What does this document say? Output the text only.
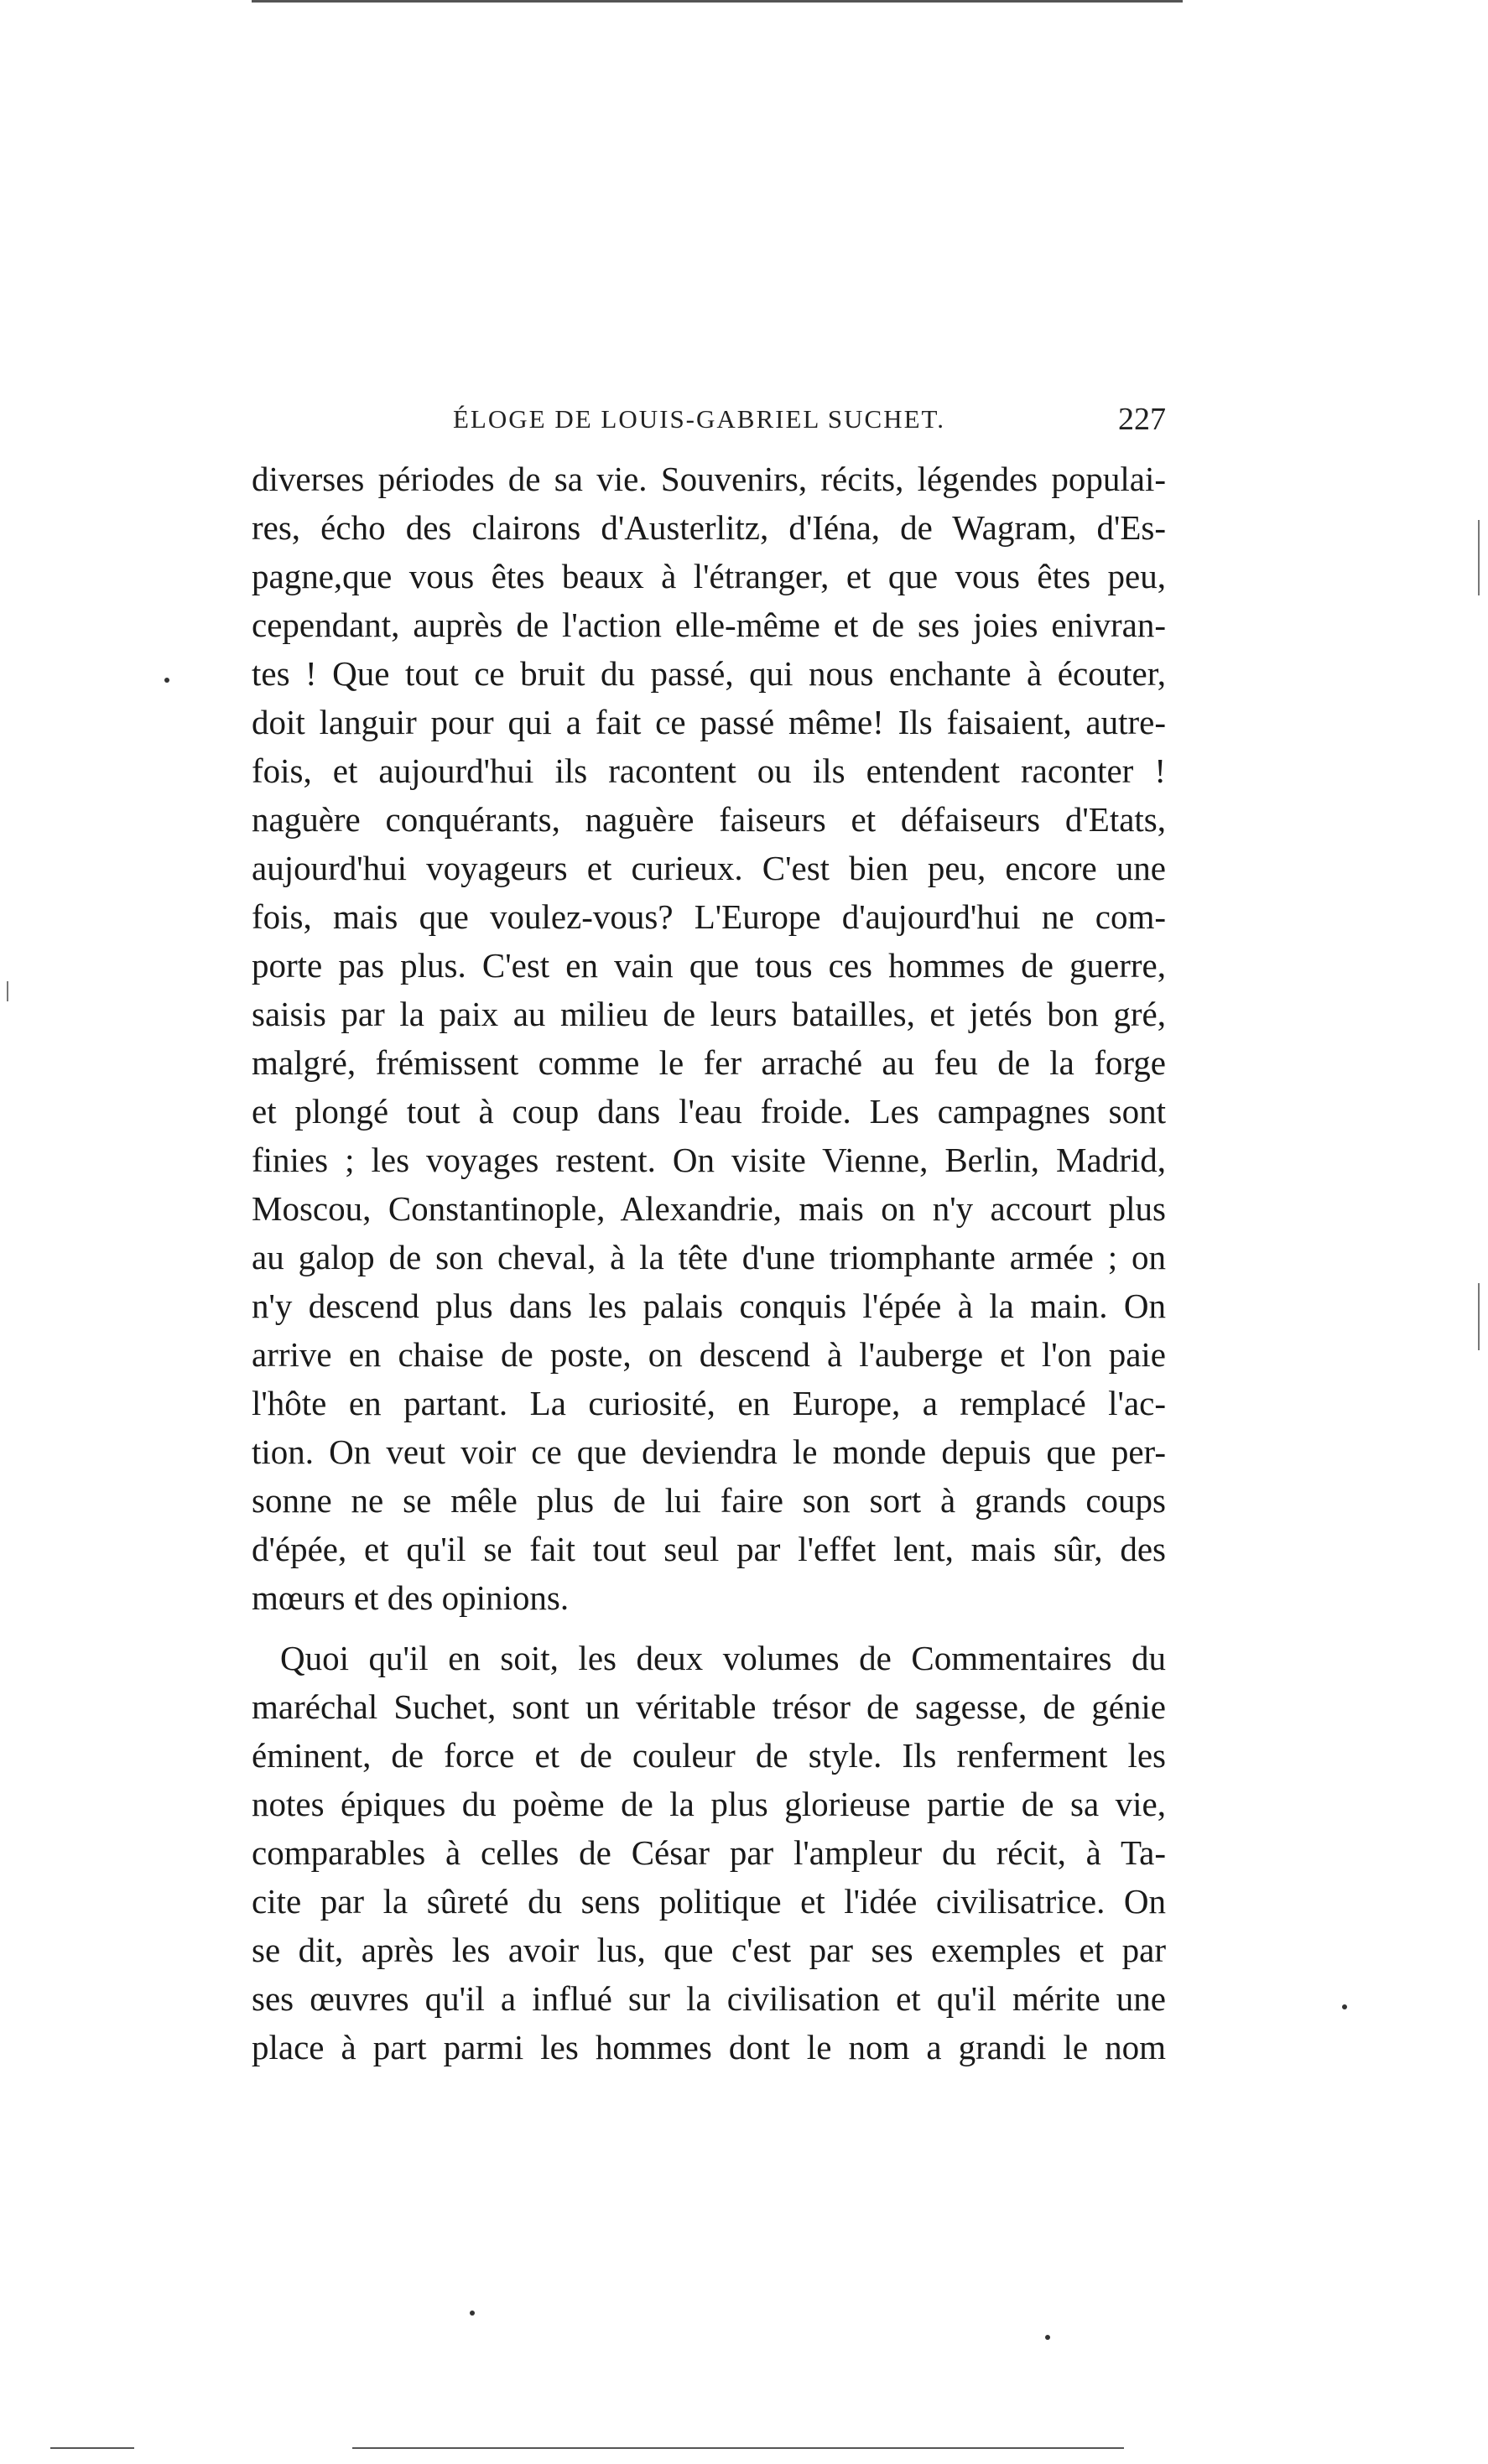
ÉLOGE DE LOUIS-GABRIEL SUCHET.	227
diverses périodes de sa vie. Souvenirs, récits, légendes populai-
res, écho des clairons d'Austerlitz, d'Iéna, de Wagram, d'Es-
pagne,que vous êtes beaux à l'étranger, et que vous êtes peu,
cependant, auprès de l'action elle-même et de ses joies enivran-
tes ! Que tout ce bruit du passé, qui nous enchante à écouter,
doit languir pour qui a fait ce passé même! Ils faisaient, autre-
fois, et aujourd'hui ils racontent ou ils entendent raconter !
naguère conquérants, naguère faiseurs et défaiseurs d'Etats,
aujourd'hui voyageurs et curieux. C'est bien peu, encore une
fois, mais que voulez-vous? L'Europe d'aujourd'hui ne com-
porte pas plus. C'est en vain que tous ces hommes de guerre,
saisis par la paix au milieu de leurs batailles, et jetés bon gré,
malgré, frémissent comme le fer arraché au feu de la forge
et plongé tout à coup dans l'eau froide. Les campagnes sont
finies ; les voyages restent. On visite Vienne, Berlin, Madrid,
Moscou, Constantinople, Alexandrie, mais on n'y accourt plus
au galop de son cheval, à la tête d'une triomphante armée ; on
n'y descend plus dans les palais conquis l'épée à la main. On
arrive en chaise de poste, on descend à l'auberge et l'on paie
l'hôte en partant. La curiosité, en Europe, a remplacé l'ac-
tion. On veut voir ce que deviendra le monde depuis que per-
sonne ne se mêle plus de lui faire son sort à grands coups
d'épée, et qu'il se fait tout seul par l'effet lent, mais sûr, des
mœurs et des opinions.
Quoi qu'il en soit, les deux volumes de Commentaires du
maréchal Suchet, sont un véritable trésor de sagesse, de génie
éminent, de force et de couleur de style. Ils renferment les
notes épiques du poème de la plus glorieuse partie de sa vie,
comparables à celles de César par l'ampleur du récit, à Ta-
cite par la sûreté du sens politique et l'idée civilisatrice. On
se dit, après les avoir lus, que c'est par ses exemples et par
ses œuvres qu'il a influé sur la civilisation et qu'il mérite une
place à part parmi les hommes dont le nom a grandi le nom
